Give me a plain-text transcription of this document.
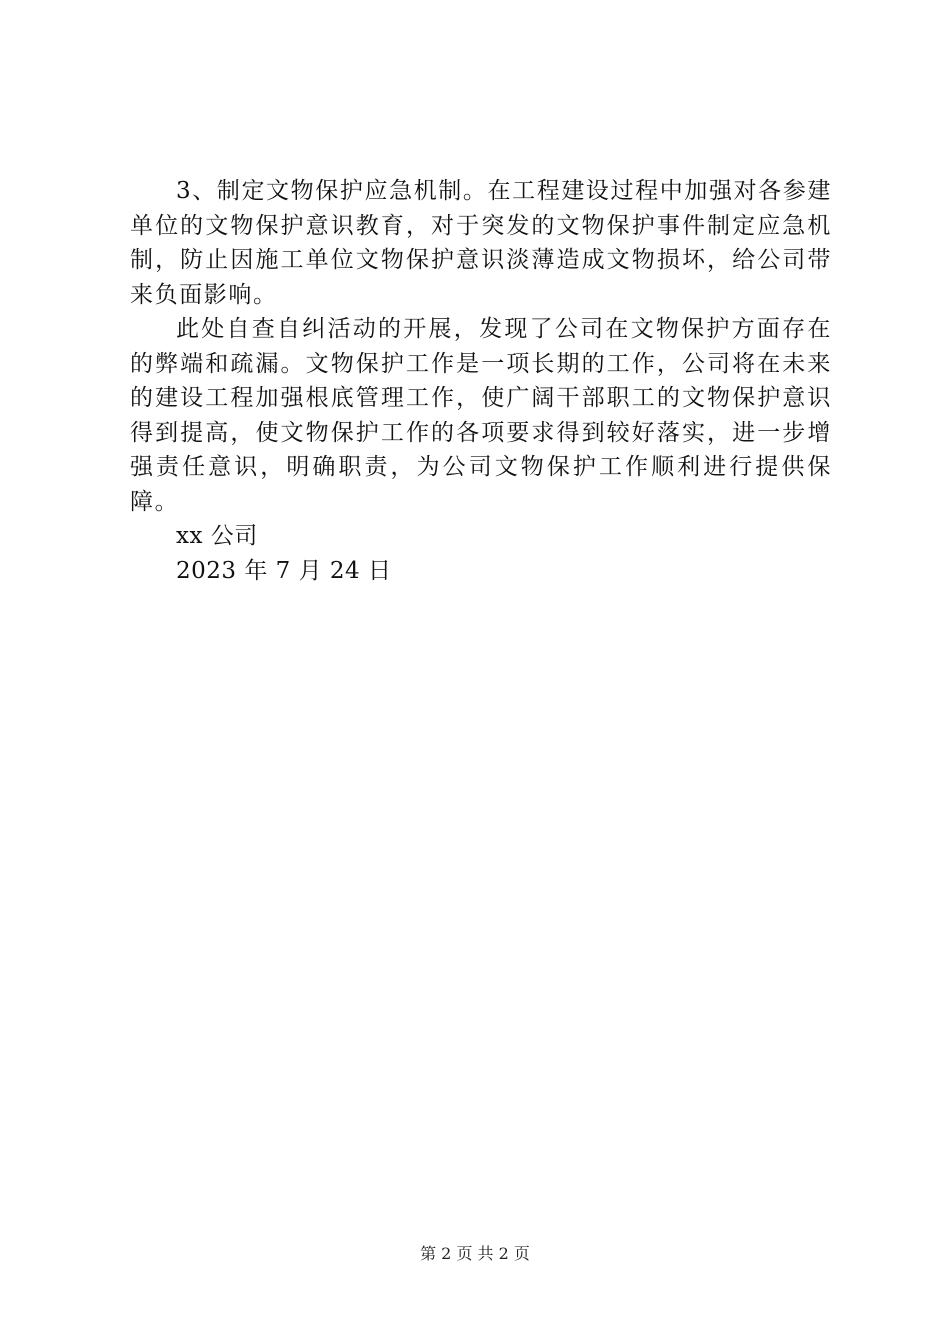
3、制定文物保护应急机制。在工程建设过程中加强对各参建单位的文物保护意识教育，对于突发的文物保护事件制定应急机制，防止因施工单位文物保护意识淡薄造成文物损坏，给公司带来负面影响。

此处自查自纠活动的开展，发现了公司在文物保护方面存在的弊端和疏漏。文物保护工作是一项长期的工作，公司将在未来的建设工程加强根底管理工作，使广阔干部职工的文物保护意识得到提高，使文物保护工作的各项要求得到较好落实，进一步增强责任意识，明确职责，为公司文物保护工作顺利进行提供保障。

xx 公司

2023 年 7 月 24 日

第 2 页 共 2 页
